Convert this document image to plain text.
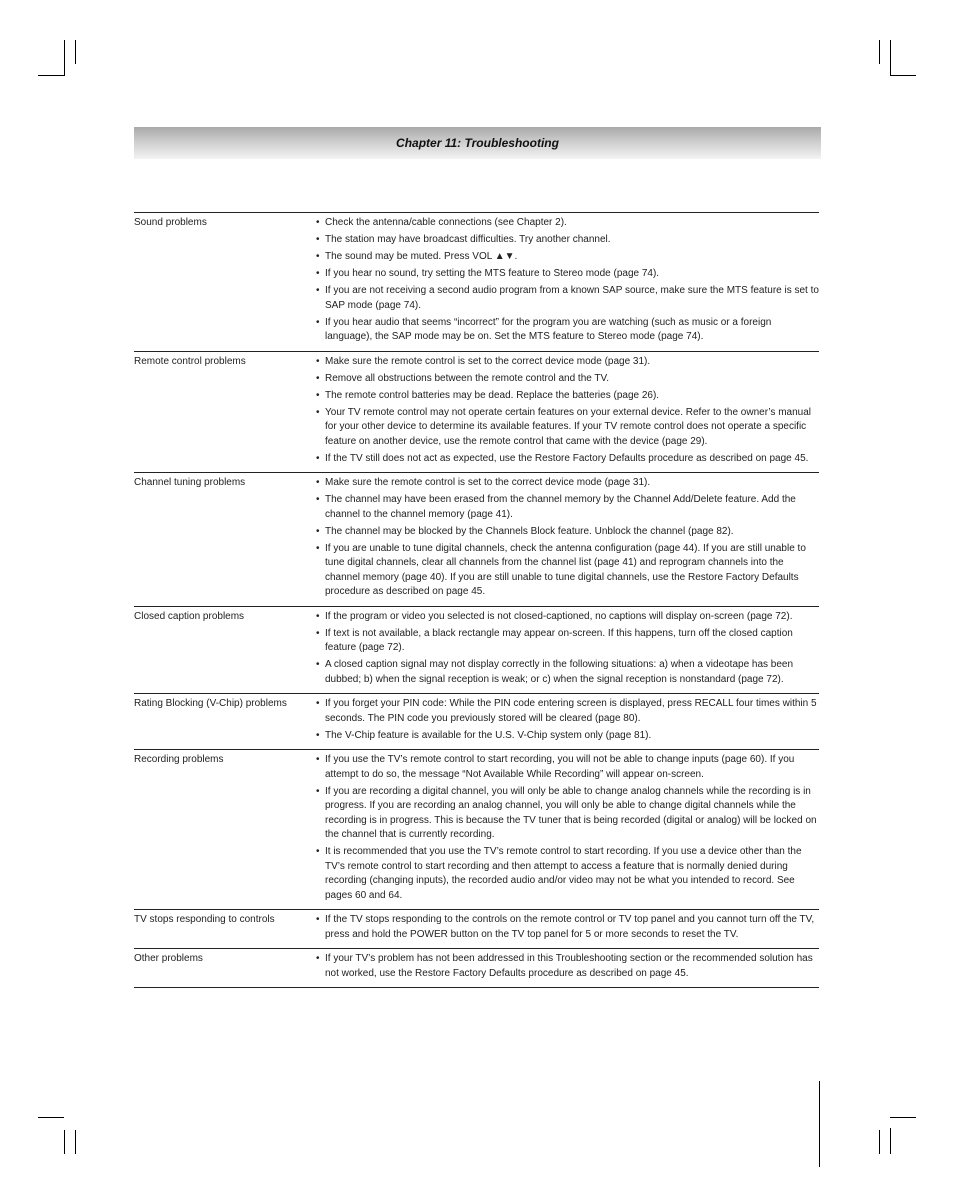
Chapter 11: Troubleshooting
Sound problems	• Check the antenna/cable connections (see Chapter 2).
• The station may have broadcast difficulties. Try another channel.
• The sound may be muted. Press VOL ▲▼.
• If you hear no sound, try setting the MTS feature to Stereo mode (page 74).
• If you are not receiving a second audio program from a known SAP source, make sure the MTS feature is set to SAP mode (page 74).
• If you hear audio that seems “incorrect” for the program you are watching (such as music or a foreign language), the SAP mode may be on. Set the MTS feature to Stereo mode (page 74).
Remote control problems	• Make sure the remote control is set to the correct device mode (page 31).
• Remove all obstructions between the remote control and the TV.
• The remote control batteries may be dead. Replace the batteries (page 26).
• Your TV remote control may not operate certain features on your external device. Refer to the owner’s manual for your other device to determine its available features. If your TV remote control does not operate a specific feature on another device, use the remote control that came with the device (page 29).
• If the TV still does not act as expected, use the Restore Factory Defaults procedure as described on page 45.
Channel tuning problems	• Make sure the remote control is set to the correct device mode (page 31).
• The channel may have been erased from the channel memory by the Channel Add/Delete feature. Add the channel to the channel memory (page 41).
• The channel may be blocked by the Channels Block feature. Unblock the channel (page 82).
• If you are unable to tune digital channels, check the antenna configuration (page 44). If you are still unable to tune digital channels, clear all channels from the channel list (page 41) and reprogram channels into the channel memory (page 40). If you are still unable to tune digital channels, use the Restore Factory Defaults procedure as described on page 45.
Closed caption problems	• If the program or video you selected is not closed-captioned, no captions will display on-screen (page 72).
• If text is not available, a black rectangle may appear on-screen. If this happens, turn off the closed caption feature (page 72).
• A closed caption signal may not display correctly in the following situations: a) when a videotape has been dubbed; b) when the signal reception is weak; or c) when the signal reception is nonstandard (page 72).
Rating Blocking (V-Chip) problems	• If you forget your PIN code: While the PIN code entering screen is displayed, press RECALL four times within 5 seconds. The PIN code you previously stored will be cleared (page 80).
• The V-Chip feature is available for the U.S. V-Chip system only (page 81).
Recording problems	• If you use the TV’s remote control to start recording, you will not be able to change inputs (page 60). If you attempt to do so, the message “Not Available While Recording” will appear on-screen.
• If you are recording a digital channel, you will only be able to change analog channels while the recording is in progress. If you are recording an analog channel, you will only be able to change digital channels while the recording is in progress. This is because the TV tuner that is being recorded (digital or analog) will be locked on the channel that is currently recording.
• It is recommended that you use the TV’s remote control to start recording. If you use a device other than the TV’s remote control to start recording and then attempt to access a feature that is normally denied during recording (changing inputs), the recorded audio and/or video may not be what you intended to record. See pages 60 and 64.
TV stops responding to controls	• If the TV stops responding to the controls on the remote control or TV top panel and you cannot turn off the TV, press and hold the POWER button on the TV top panel for 5 or more seconds to reset the TV.
Other problems	• If your TV’s problem has not been addressed in this Troubleshooting section or the recommended solution has not worked, use the Restore Factory Defaults procedure as described on page 45.
